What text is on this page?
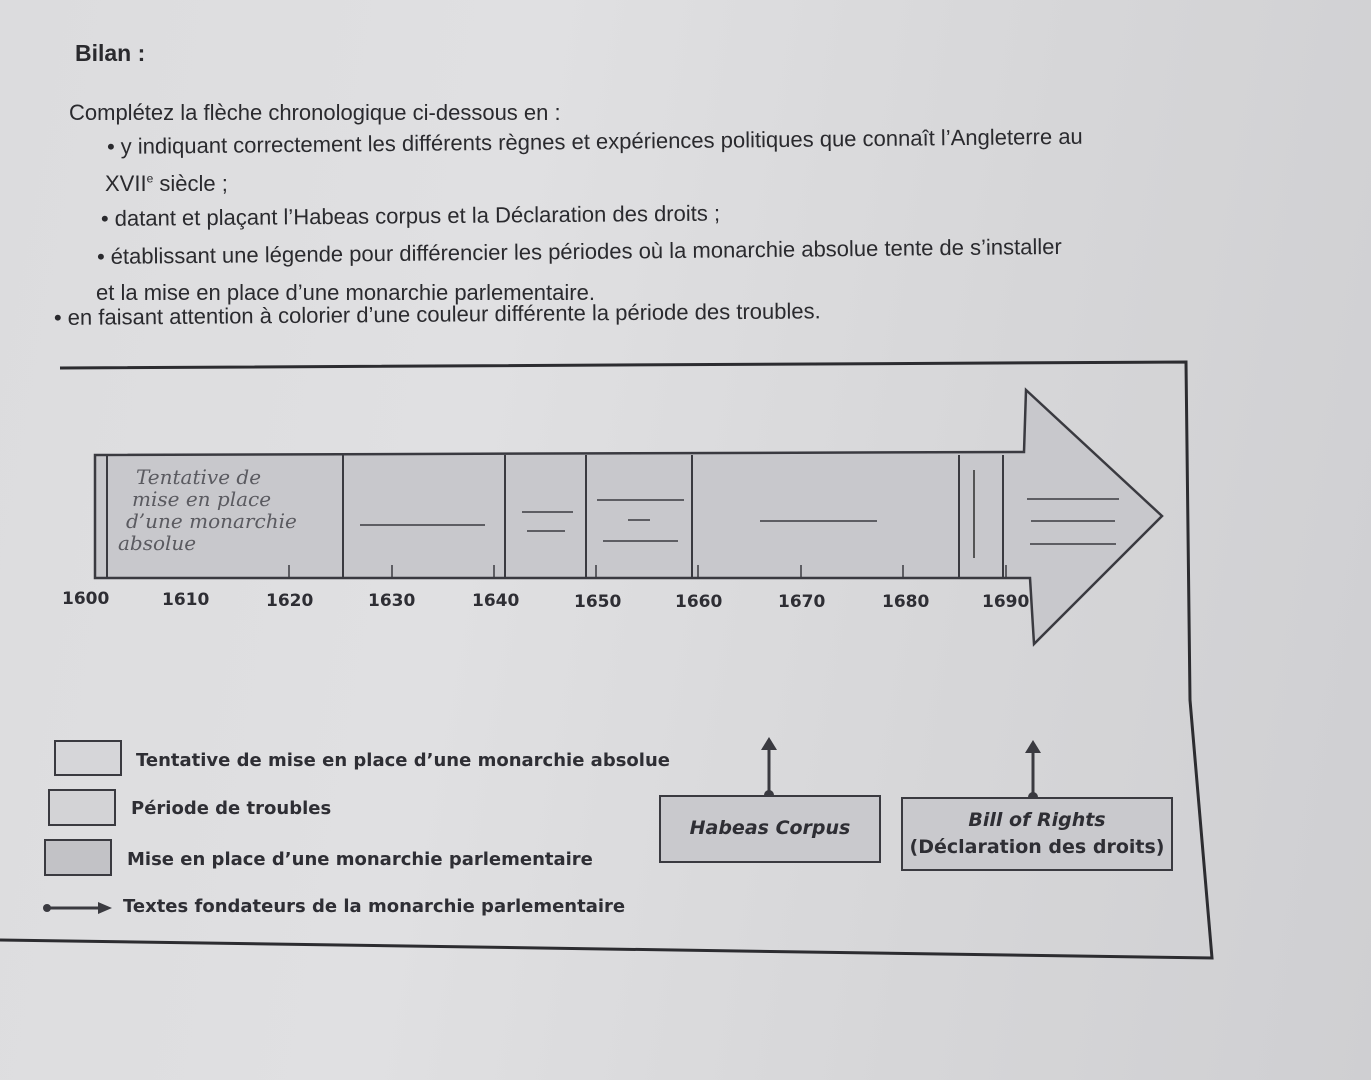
Bilan :
Complétez la flèche chronologique ci-dessous en :
• y indiquant correctement les différents règnes et expériences politiques que connaît l’Angleterre au
XVIIe siècle ;
• datant et plaçant l’Habeas corpus et la Déclaration des droits ;
• établissant une légende pour différencier les périodes où la monarchie absolue tente de s’installer
et la mise en place d’une monarchie parlementaire.
• en faisant attention à colorier d’une couleur différente la période des troubles.
Tentative de
mise en place
d’une monarchie
absolue
1600	1610	1620	1630	1640	1650	1660	1670	1680	1690
Tentative de mise en place d’une monarchie absolue
Période de troubles
Mise en place d’une monarchie parlementaire
Textes fondateurs de la monarchie parlementaire
Habeas Corpus	Bill of Rights
(Déclaration des droits)
